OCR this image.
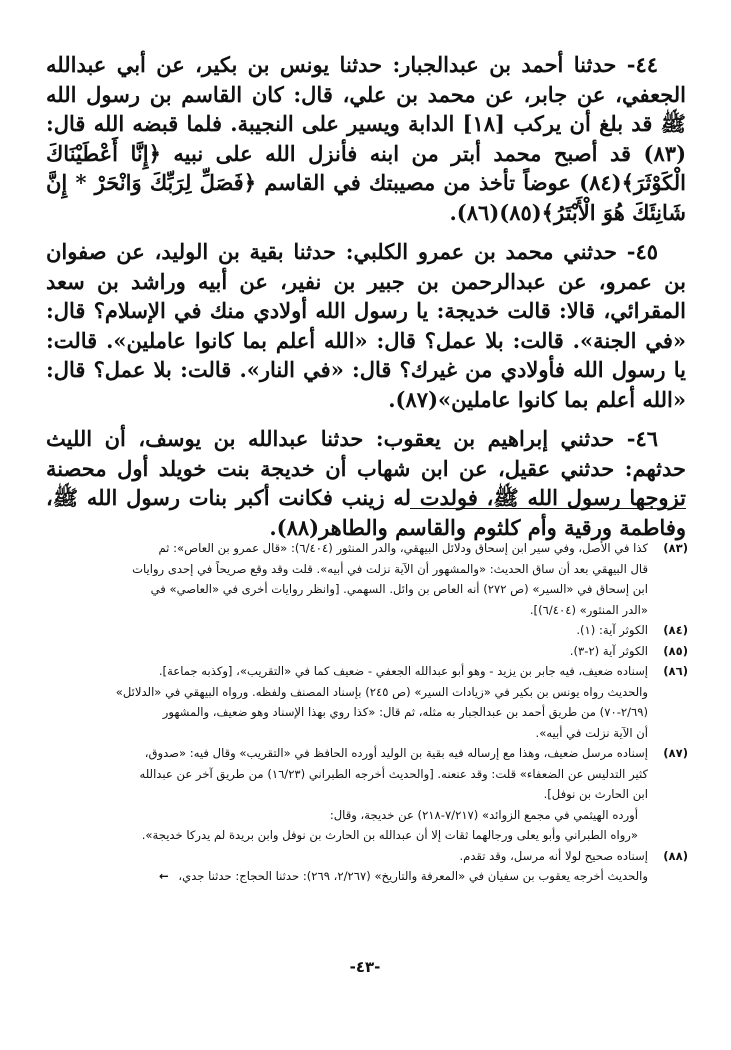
٤٤- حدثنا أحمد بن عبدالجبار: حدثنا يونس بن بكير، عن أبي عبدالله الجعفي، عن جابر، عن محمد بن علي، قال: كان القاسم بن رسول الله ﷺ قد بلغ أن يركب [١٨] الدابة ويسير على النجيبة. فلما قبضه الله قال:(٨٣) قد أصبح محمد أبتر من ابنه فأنزل الله على نبيه ﴿إِنَّا أَعْطَيْنَاكَ الْكَوْثَرَ﴾(٨٤) عوضاً تأخذ من مصيبتك في القاسم ﴿فَصَلِّ لِرَبِّكَ وَانْحَرْ * إِنَّ شَانِئَكَ هُوَ الْأَبْتَرُ﴾(٨٥)(٨٦).

٤٥- حدثني محمد بن عمرو الكلبي: حدثنا بقية بن الوليد، عن صفوان بن عمرو، عن عبدالرحمن بن جبير بن نفير، عن أبيه وراشد بن سعد المقرائي، قالا: قالت خديجة: يا رسول الله أولادي منك في الإسلام؟ قال: «في الجنة». قالت: بلا عمل؟ قال: «الله أعلم بما كانوا عاملين». قالت: يا رسول الله فأولادي من غيرك؟ قال: «في النار». قالت: بلا عمل؟ قال: «الله أعلم بما كانوا عاملين»(٨٧).

٤٦- حدثني إبراهيم بن يعقوب: حدثنا عبدالله بن يوسف، أن الليث حدثهم: حدثني عقيل، عن ابن شهاب أن خديجة بنت خويلد أول محصنة تزوجها رسول الله ﷺ، فولدت له زينب فكانت أكبر بنات رسول الله ﷺ، وفاطمة ورقية وأم كلثوم والقاسم والطاهر(٨٨).

(٨٣)
كذا في الأصل، وفي سير ابن إسحاق ودلائل البيهقي، والدر المنثور (٦/٤٠٤): «قال عمرو بن العاص»: ثم
قال البيهقي بعد أن ساق الحديث: «والمشهور أن الآية نزلت في أبيه». قلت وقد وقع صريحاً في إحدى روايات
ابن إسحاق في «السير» (ص ٢٧٢) أنه العاص بن وائل. السهمي. [وانظر روايات أخرى في «العاصي» في
«الدر المنثور» (٦/٤٠٤)].
(٨٤)
الكوثر آية: (١).
(٨٥)
الكوثر آية (٢-٣).
(٨٦)
إسناده ضعيف، فيه جابر بن يزيد - وهو أبو عبدالله الجعفي - ضعيف كما في «التقريب»، [وكذبه جماعة].
والحديث رواه يونس بن بكير في «زيادات السير» (ص ٢٤٥) بإسناد المصنف ولفظه. ورواه البيهقي في «الدلائل»
(٢/٦٩-٧٠) من طريق أحمد بن عبدالجبار به مثله، ثم قال: «كذا روي بهذا الإسناد وهو ضعيف، والمشهور
أن الآية نزلت في أبيه».
(٨٧)
إسناده مرسل ضعيف، وهذا مع إرساله فيه بقية بن الوليد أورده الحافظ في «التقريب» وقال فيه: «صدوق،
كثير التدليس عن الضعفاء» قلت: وقد عنعنه. [والحديث أخرجه الطبراني (١٦/٢٣) من طريق آخر عن عبدالله
ابن الحارث بن نوفل].
أورده الهيثمي في مجمع الزوائد» (٧/٢١٧-٢١٨) عن خديجة، وقال:
«رواه الطبراني وأبو يعلى ورجالهما ثقات إلا أن عبدالله بن الحارث بن نوفل وابن بريدة لم يدركا خديجة».
(٨٨)
إسناده صحيح لولا أنه مرسل، وقد تقدم.
والحديث أخرجه يعقوب بن سفيان في «المعرفة والتاريخ» (٢/٢٦٧، ٢٦٩): حدثنا الحجاج: حدثنا جدي، ←
-٤٣-
